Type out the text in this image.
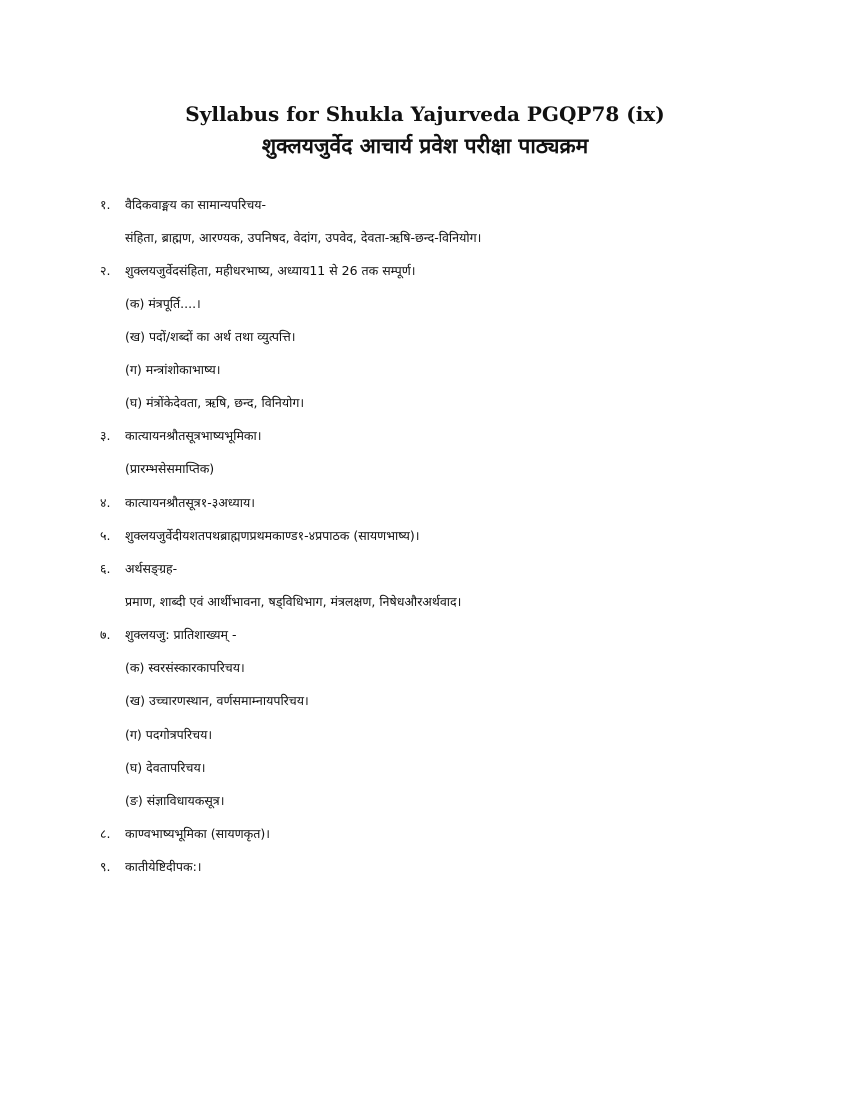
Syllabus for Shukla Yajurveda PGQP78 (ix)
शुक्लयजुर्वेद आचार्य प्रवेश परीक्षा पाठ्यक्रम
१. वैदिकवाङ्मय का सामान्यपरिचय-
संहिता, ब्राह्मण, आरण्यक, उपनिषद, वेदांग, उपवेद, देवता-ऋषि-छन्द-विनियोग।
२. शुक्लयजुर्वेदसंहिता, महीधरभाष्य, अध्याय11 से 26 तक सम्पूर्ण।
(क) मंत्रपूर्ति....।
(ख) पदों/शब्दों का अर्थ तथा व्युत्पत्ति।
(ग) मन्त्रांशोकाभाष्य।
(घ) मंत्रोंकेदेवता, ऋषि, छन्द, विनियोग।
३. कात्यायनश्रौतसूत्रभाष्यभूमिका।
(प्रारम्भसेसमाप्तिक)
४. कात्यायनश्रौतसूत्र१-३अध्याय।
५. शुक्लयजुर्वेदीयशतपथब्राह्मणप्रथमकाण्ड१-४प्रपाठक (सायणभाष्य)।
६. अर्थसङ्ग्रह-
प्रमाण, शाब्दी एवं आर्थीभावना, षड्विधिभाग, मंत्रलक्षण, निषेधऔरअर्थवाद।
७. शुक्लयजु: प्रातिशाख्यम् -
(क) स्वरसंस्कारकापरिचय।
(ख) उच्चारणस्थान, वर्णसमाम्नायपरिचय।
(ग) पदगोत्रपरिचय।
(घ) देवतापरिचय।
(ङ) संज्ञाविधायकसूत्र।
८. काण्वभाष्यभूमिका (सायणकृत)।
९. कातीयेष्टिदीपक:।
